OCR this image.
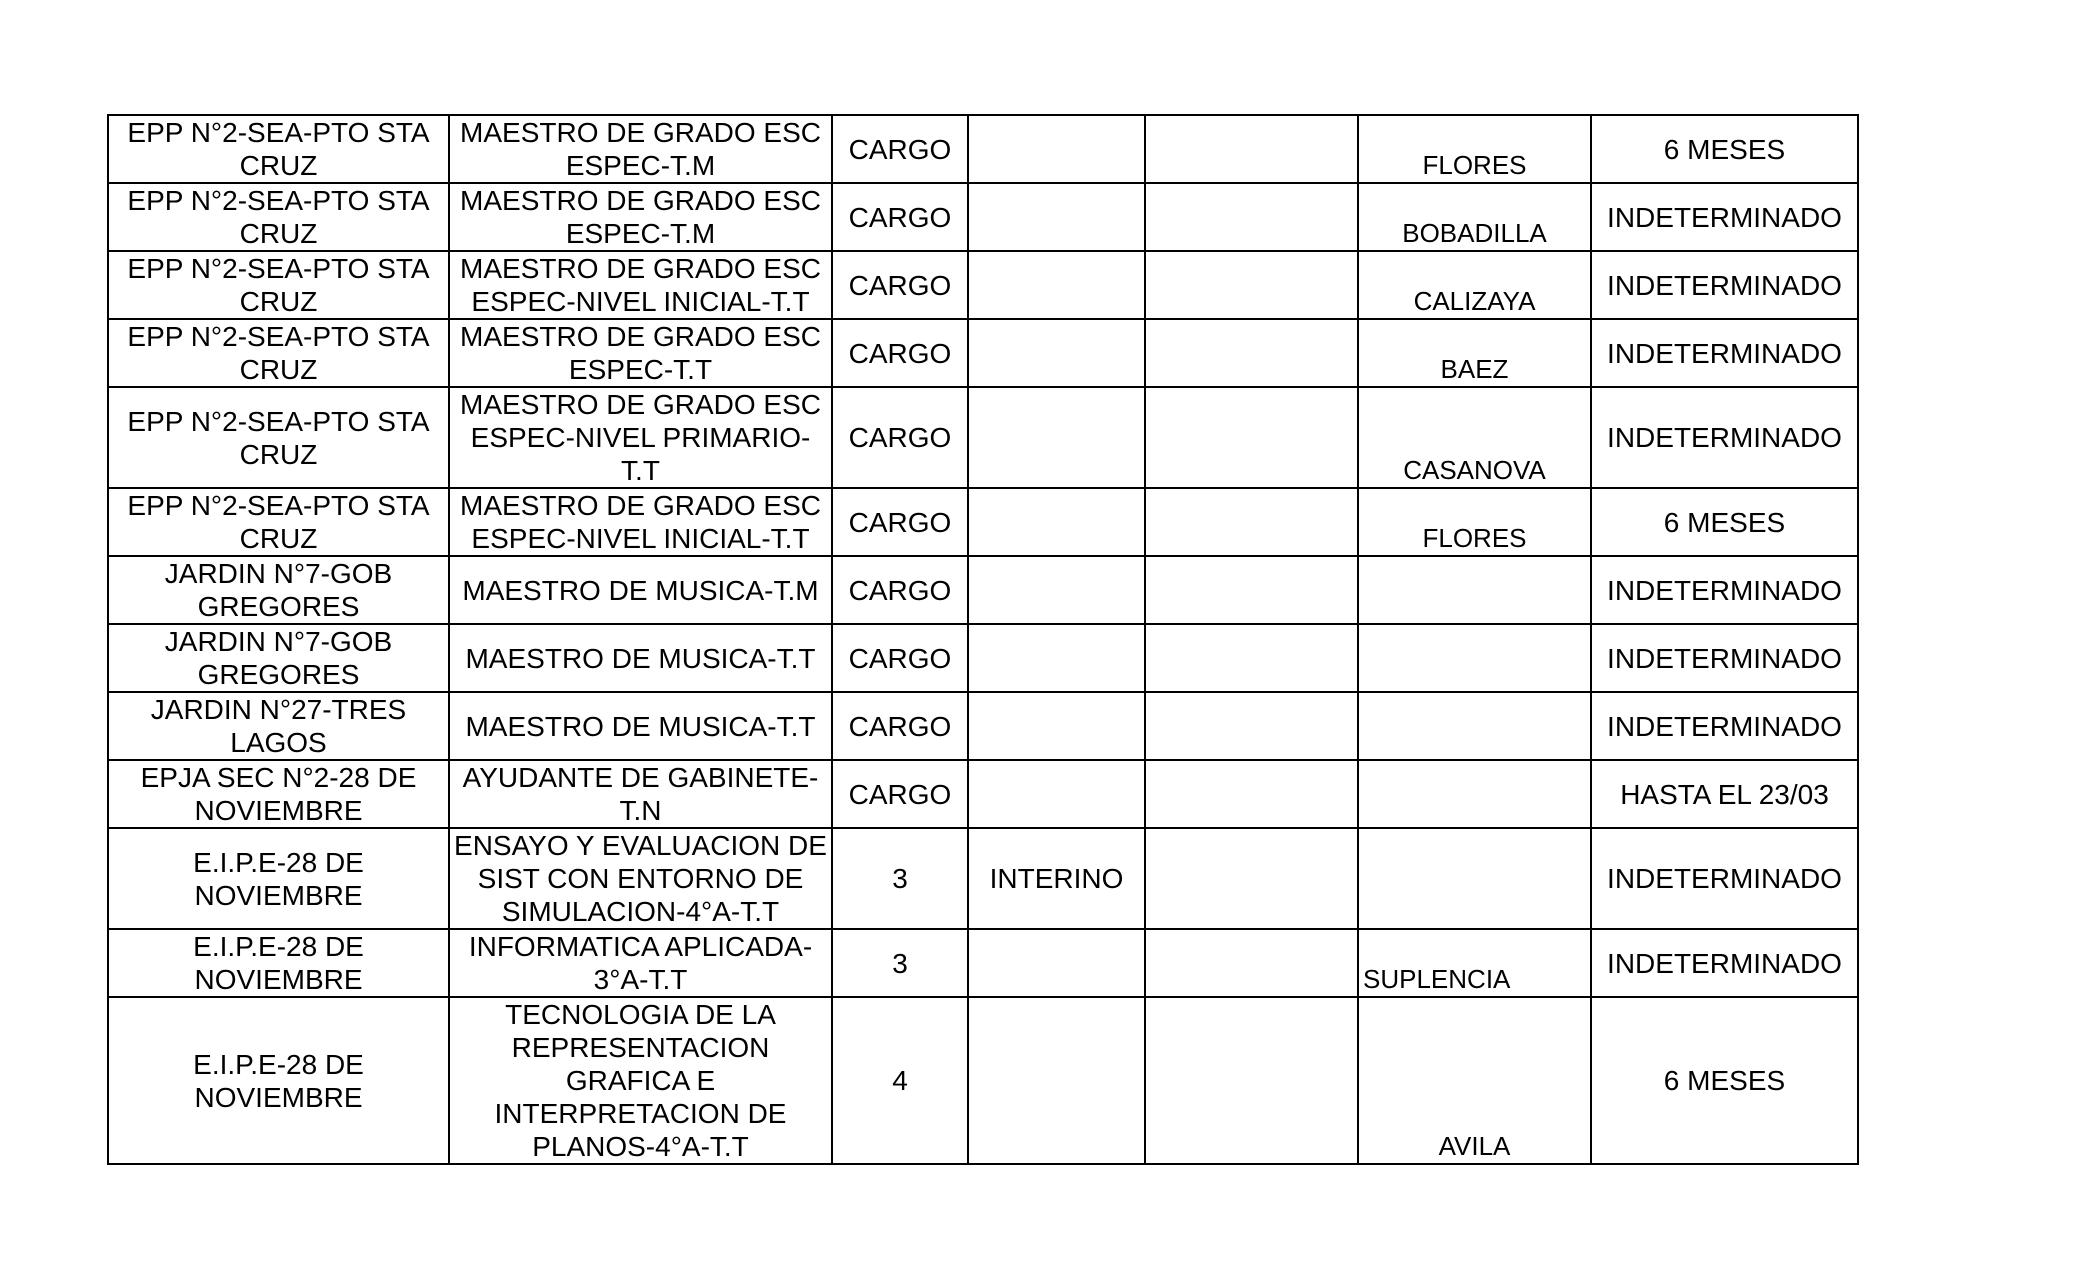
EPP N°2-SEA-PTO STA CRUZ	MAESTRO DE GRADO ESC ESPEC-T.M	CARGO			FLORES	6 MESES
EPP N°2-SEA-PTO STA CRUZ	MAESTRO DE GRADO ESC ESPEC-T.M	CARGO			BOBADILLA	INDETERMINADO
EPP N°2-SEA-PTO STA CRUZ	MAESTRO DE GRADO ESC ESPEC-NIVEL INICIAL-T.T	CARGO			CALIZAYA	INDETERMINADO
EPP N°2-SEA-PTO STA CRUZ	MAESTRO DE GRADO ESC ESPEC-T.T	CARGO			BAEZ	INDETERMINADO
EPP N°2-SEA-PTO STA CRUZ	MAESTRO DE GRADO ESC ESPEC-NIVEL PRIMARIO-T.T	CARGO			CASANOVA	INDETERMINADO
EPP N°2-SEA-PTO STA CRUZ	MAESTRO DE GRADO ESC ESPEC-NIVEL INICIAL-T.T	CARGO			FLORES	6 MESES
JARDIN N°7-GOB GREGORES	MAESTRO DE MUSICA-T.M	CARGO				INDETERMINADO
JARDIN N°7-GOB GREGORES	MAESTRO DE MUSICA-T.T	CARGO				INDETERMINADO
JARDIN N°27-TRES LAGOS	MAESTRO DE MUSICA-T.T	CARGO				INDETERMINADO
EPJA SEC N°2-28 DE NOVIEMBRE	AYUDANTE DE GABINETE-T.N	CARGO				HASTA EL 23/03
E.I.P.E-28 DE NOVIEMBRE	ENSAYO Y EVALUACION DE SIST CON ENTORNO DE SIMULACION-4°A-T.T	3	INTERINO			INDETERMINADO
E.I.P.E-28 DE NOVIEMBRE	INFORMATICA APLICADA-3°A-T.T	3			SUPLENCIA	INDETERMINADO
E.I.P.E-28 DE NOVIEMBRE	TECNOLOGIA DE LA REPRESENTACION GRAFICA E INTERPRETACION DE PLANOS-4°A-T.T	4			AVILA	6 MESES
